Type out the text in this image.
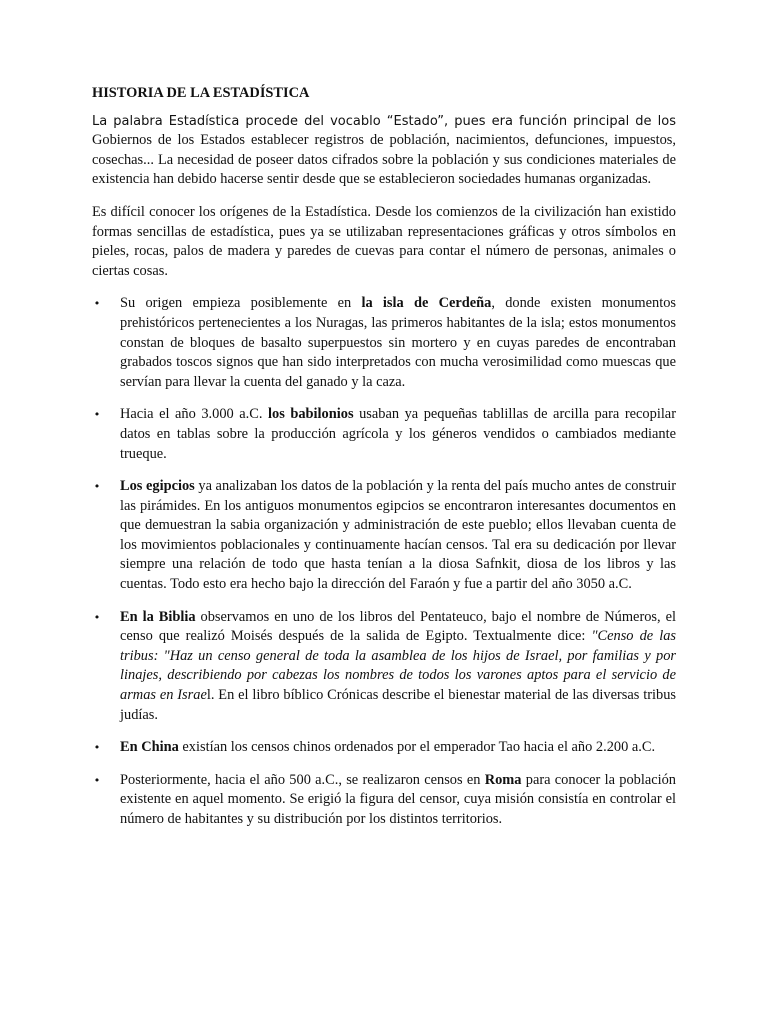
HISTORIA DE LA ESTADÍSTICA

La palabra Estadística procede del vocablo “Estado”, pues era función principal de los Gobiernos de los Estados establecer registros de población, nacimientos, defunciones, impuestos, cosechas... La necesidad de poseer datos cifrados sobre la población y sus condiciones materiales de existencia han debido hacerse sentir desde que se establecieron sociedades humanas organizadas.

Es difícil conocer los orígenes de la Estadística. Desde los comienzos de la civilización han existido formas sencillas de estadística, pues ya se utilizaban representaciones gráficas y otros símbolos en pieles, rocas, palos de madera y paredes de cuevas para contar el número de personas, animales o ciertas cosas.

• Su origen empieza posiblemente en la isla de Cerdeña, donde existen monumentos prehistóricos pertenecientes a los Nuragas, las primeros habitantes de la isla; estos monumentos constan de bloques de basalto superpuestos sin mortero y en cuyas paredes de encontraban grabados toscos signos que han sido interpretados con mucha verosimilidad como muescas que servían para llevar la cuenta del ganado y la caza.
• Hacia el año 3.000 a.C. los babilonios usaban ya pequeñas tablillas de arcilla para recopilar datos en tablas sobre la producción agrícola y los géneros vendidos o cambiados mediante trueque.
• Los egipcios ya analizaban los datos de la población y la renta del país mucho antes de construir las pirámides. En los antiguos monumentos egipcios se encontraron interesantes documentos en que demuestran la sabia organización y administración de este pueblo; ellos llevaban cuenta de los movimientos poblacionales y continuamente hacían censos. Tal era su dedicación por llevar siempre una relación de todo que hasta tenían a la diosa Safnkit, diosa de los libros y las cuentas. Todo esto era hecho bajo la dirección del Faraón y fue a partir del año 3050 a.C.
• En la Biblia observamos en uno de los libros del Pentateuco, bajo el nombre de Números, el censo que realizó Moisés después de la salida de Egipto. Textualmente dice: "Censo de las tribus: "Haz un censo general de toda la asamblea de los hijos de Israel, por familias y por linajes, describiendo por cabezas los nombres de todos los varones aptos para el servicio de armas en Israel. En el libro bíblico Crónicas describe el bienestar material de las diversas tribus judías.
• En China existían los censos chinos ordenados por el emperador Tao hacia el año 2.200 a.C.
• Posteriormente, hacia el año 500 a.C., se realizaron censos en Roma para conocer la población existente en aquel momento. Se erigió la figura del censor, cuya misión consistía en controlar el número de habitantes y su distribución por los distintos territorios.
